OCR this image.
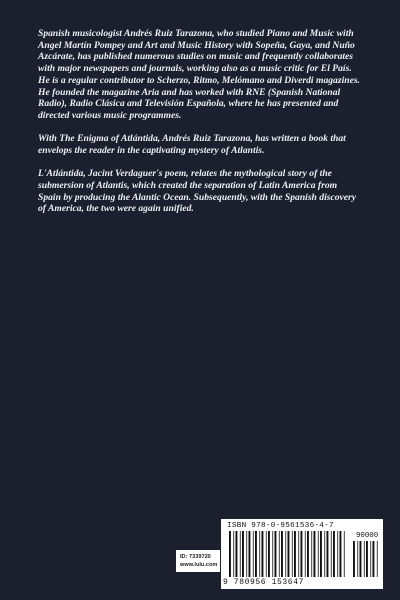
Spanish musicologist Andrés Ruiz Tarazona, who studied Piano and Music with Angel Martín Pompey and Art and Music History with Sopeña, Gaya, and Nuño Azcárate, has published numerous studies on music and frequently collaborates with major newspapers and journals, working also as a music critic for El País. He is a regular contributor to Scherzo, Ritmo, Melómano and Diverdi magazines. He founded the magazine Aria and has worked with RNE (Spanish National Radio), Radio Clásica and Televisión Española, where he has presented and directed various music programmes.

With The Enigma of Atlántida, Andrés Ruiz Tarazona, has written a book that envelops the reader in the captivating mystery of Atlantis.

L'Atlántida, Jacint Verdaguer's poem, relates the mythological story of the submersion of Atlantis, which created the separation of Latin America from Spain by producing the Alantic Ocean. Subsequently, with the Spanish discovery of America, the two were again unified.

ID: 7339720
www.lulu.com
ISBN 978-0-9561536-4-7
90000
9 780956 153647
